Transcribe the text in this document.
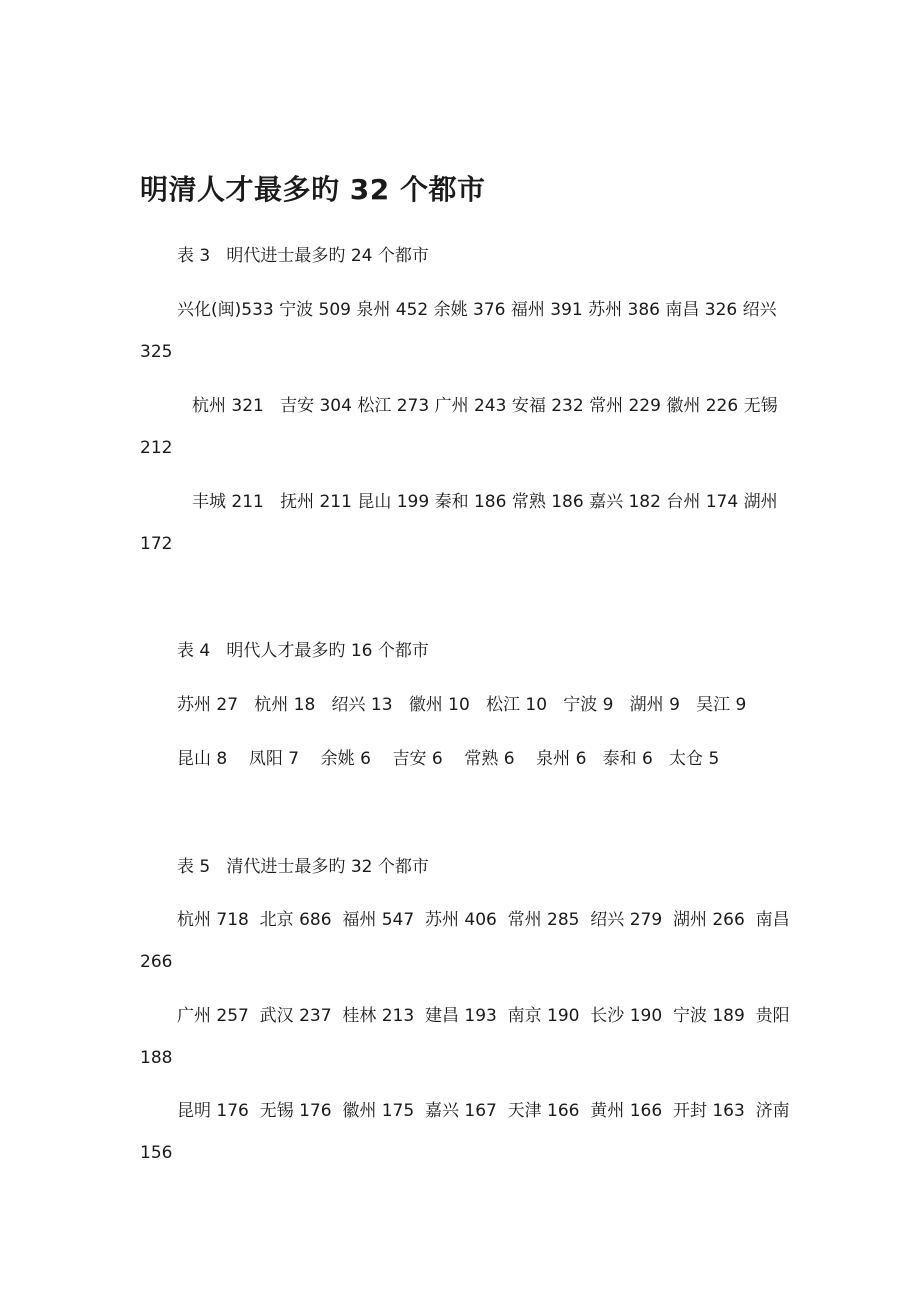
明清人才最多旳 32 个都市
表 3   明代进士最多旳 24 个都市
兴化(闽)533 宁波 509 泉州 452 余姚 376 福州 391 苏州 386 南昌 326 绍兴
325
杭州 321   吉安 304 松江 273 广州 243 安福 232 常州 229 徽州 226 无锡
212
丰城 211   抚州 211 昆山 199 秦和 186 常熟 186 嘉兴 182 台州 174 湖州
172
表 4   明代人才最多旳 16 个都市
苏州 27   杭州 18   绍兴 13   徽州 10   松江 10   宁波 9   湖州 9   吴江 9
昆山 8    凤阳 7    余姚 6    吉安 6    常熟 6    泉州 6   泰和 6   太仓 5
表 5   清代进士最多旳 32 个都市
杭州 718  北京 686  福州 547  苏州 406  常州 285  绍兴 279  湖州 266  南昌
266
广州 257  武汉 237  桂林 213  建昌 193  南京 190  长沙 190  宁波 189  贵阳
188
昆明 176  无锡 176  徽州 175  嘉兴 167  天津 166  黄州 166  开封 163  济南
156
